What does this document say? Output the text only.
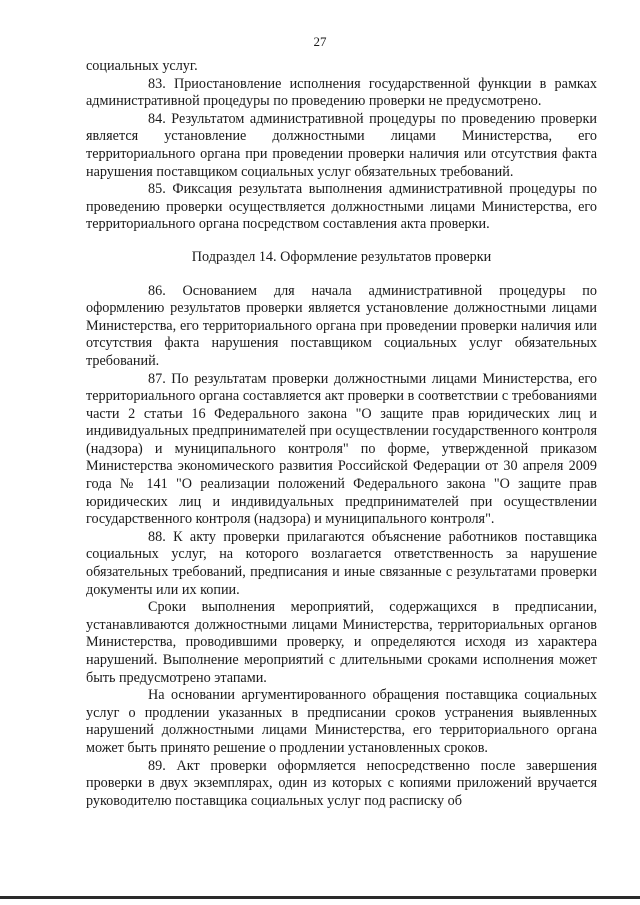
27

социальных услуг.

83. Приостановление исполнения государственной функции в рамках административной процедуры по проведению проверки не предусмотрено.

84. Результатом административной процедуры по проведению проверки является установление должностными лицами Министерства, его территориального органа при проведении проверки наличия или отсутствия факта нарушения поставщиком социальных услуг обязательных требований.

85. Фиксация результата выполнения административной процедуры по проведению проверки осуществляется должностными лицами Министерства, его территориального органа посредством составления акта проверки.

Подраздел 14. Оформление результатов проверки

86. Основанием для начала административной процедуры по оформлению результатов проверки является установление должностными лицами Министерства, его территориального органа при проведении проверки наличия или отсутствия факта нарушения поставщиком социальных услуг обязательных требований.

87. По результатам проверки должностными лицами Министерства, его территориального органа составляется акт проверки в соответствии с требованиями части 2 статьи 16 Федерального закона "О защите прав юридических лиц и индивидуальных предпринимателей при осуществлении государственного контроля (надзора) и муниципального контроля" по форме, утвержденной приказом Министерства экономического развития Российской Федерации от 30 апреля 2009 года № 141 "О реализации положений Федерального закона "О защите прав юридических лиц и индивидуальных предпринимателей при осуществлении государственного контроля (надзора) и муниципального контроля".

88. К акту проверки прилагаются объяснение работников поставщика социальных услуг, на которого возлагается ответственность за нарушение обязательных требований, предписания и иные связанные с результатами проверки документы или их копии.

Сроки выполнения мероприятий, содержащихся в предписании, устанавливаются должностными лицами Министерства, территориальных органов Министерства, проводившими проверку, и определяются исходя из характера нарушений. Выполнение мероприятий с длительными сроками исполнения может быть предусмотрено этапами.

На основании аргументированного обращения поставщика социальных услуг о продлении указанных в предписании сроков устранения выявленных нарушений должностными лицами Министерства, его территориального органа может быть принято решение о продлении установленных сроков.

89. Акт проверки оформляется непосредственно после завершения проверки в двух экземплярах, один из которых с копиями приложений вручается руководителю поставщика социальных услуг под расписку об
